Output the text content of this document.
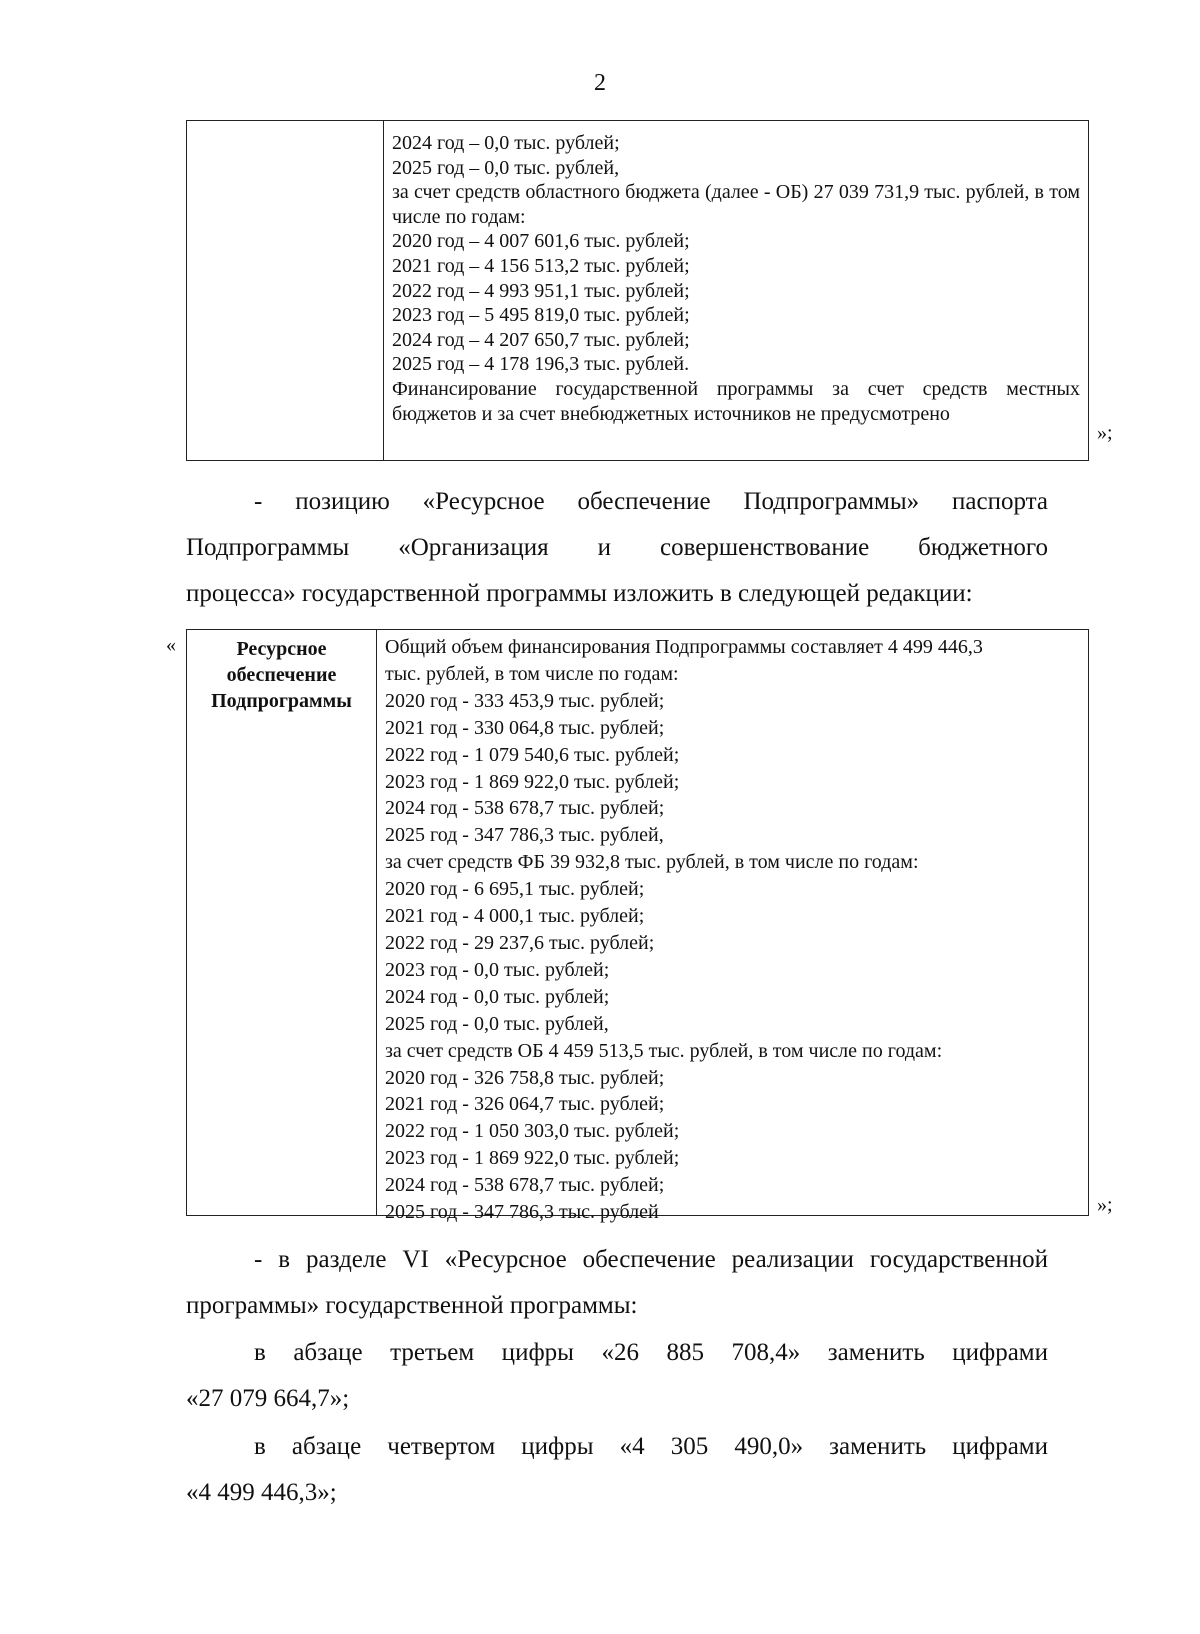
2

2024 год – 0,0 тыс. рублей;

2025 год – 0,0 тыс. рублей,

за счет средств областного бюджета (далее - ОБ) 27 039 731,9 тыс. рублей, в том числе по годам:

2020 год – 4 007 601,6 тыс. рублей;

2021 год – 4 156 513,2 тыс. рублей;

2022 год – 4 993 951,1 тыс. рублей;

2023 год – 5 495 819,0 тыс. рублей;

2024 год – 4 207 650,7 тыс. рублей;

2025 год – 4 178 196,3 тыс. рублей.

Финансирование государственной программы за счет средств местных бюджетов и за счет внебюджетных источников не предусмотрено

»;
- позицию «Ресурсное обеспечение Подпрограммы» паспорта
Подпрограммы «Организация и совершенствование бюджетного
процесса» государственной программы изложить в следующей редакции:
«	Ресурсное
обеспечение
Подпрограммы

Общий объем финансирования Подпрограммы составляет 4 499 446,3

тыс. рублей, в том числе по годам:

2020 год - 333 453,9 тыс. рублей;

2021 год - 330 064,8 тыс. рублей;

2022 год - 1 079 540,6 тыс. рублей;

2023 год - 1 869 922,0 тыс. рублей;

2024 год - 538 678,7 тыс. рублей;

2025 год - 347 786,3 тыс. рублей,

за счет средств ФБ 39 932,8 тыс. рублей, в том числе по годам:

2020 год - 6 695,1 тыс. рублей;

2021 год - 4 000,1 тыс. рублей;

2022 год - 29 237,6 тыс. рублей;

2023 год - 0,0 тыс. рублей;

2024 год - 0,0 тыс. рублей;

2025 год - 0,0 тыс. рублей,

за счет средств ОБ 4 459 513,5 тыс. рублей, в том числе по годам:

2020 год - 326 758,8 тыс. рублей;

2021 год - 326 064,7 тыс. рублей;

2022 год - 1 050 303,0 тыс. рублей;

2023 год - 1 869 922,0 тыс. рублей;

2024 год - 538 678,7 тыс. рублей;

2025 год - 347 786,3 тыс. рублей	»;
- в разделе VI «Ресурсное обеспечение реализации государственной
программы» государственной программы:
в абзаце третьем цифры «26 885 708,4» заменить цифрами
«27 079 664,7»;
в абзаце четвертом цифры «4 305 490,0» заменить цифрами
«4 499 446,3»;
